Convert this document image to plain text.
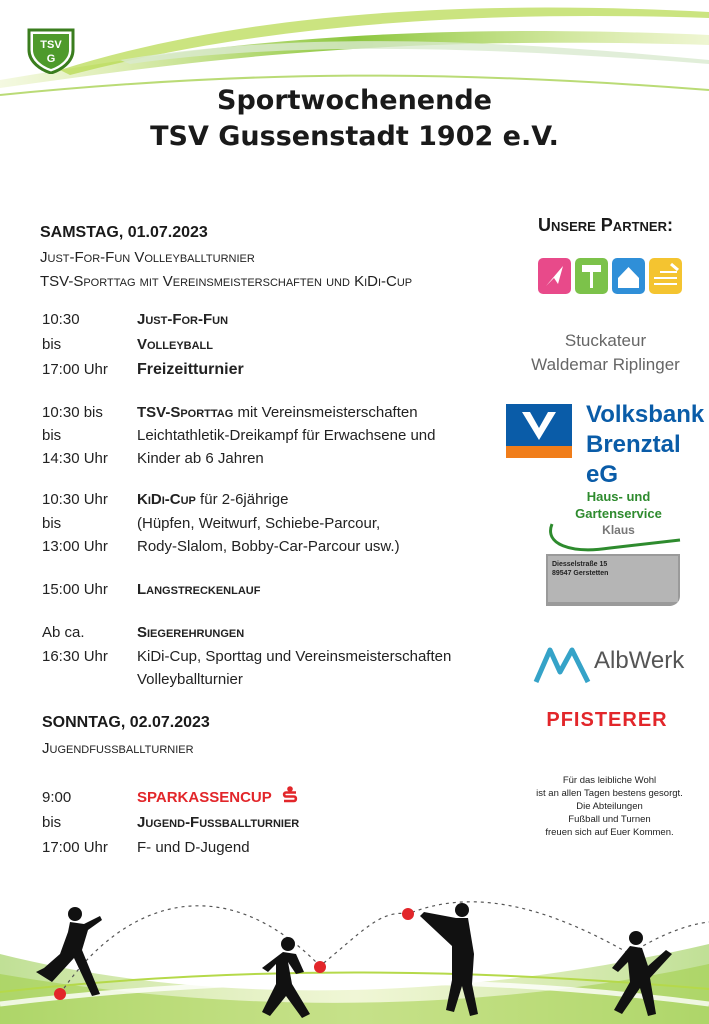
TSV
G
Sportwochenende
TSV Gussenstadt 1902 e.V.
SAMSTAG, 01.07.2023
Just-For-Fun Volleyballturnier
TSV-Sporttag mit Vereinsmeisterschaften und KiDi-Cup
10:30
bis
17:00 Uhr
Just-For-Fun
Volleyball
Freizeitturnier
10:30 bis
bis
14:30 Uhr
TSV-Sporttag mit Vereinsmeisterschaften
Leichtathletik-Dreikampf für Erwachsene und
Kinder ab 6 Jahren
10:30 Uhr
bis
13:00 Uhr
KiDi-Cup für 2-6jährige
(Hüpfen, Weitwurf, Schiebe-Parcour,
Rody-Slalom, Bobby-Car-Parcour usw.)
15:00 Uhr	Langstreckenlauf
Ab ca.
16:30 Uhr
Siegerehrungen
KiDi-Cup, Sporttag und Vereinsmeisterschaften
Volleyballturnier
SONNTAG, 02.07.2023
Jugendfußballturnier
9:00
bis
17:00 Uhr
SPARKASSENCUP
Jugend-Fußballturnier
F- und D-Jugend
Unsere Partner:
Stuckateur
Waldemar Riplinger
Volksbank
Brenztal eG
Haus- und
Gartenservice
Klaus
Diesselstraße 15
89547 Gerstetten
AlbWerk
PFISTERER
Für das leibliche Wohl
ist an allen Tagen bestens gesorgt.
Die Abteilungen
Fußball und Turnen
freuen sich auf Euer Kommen.
